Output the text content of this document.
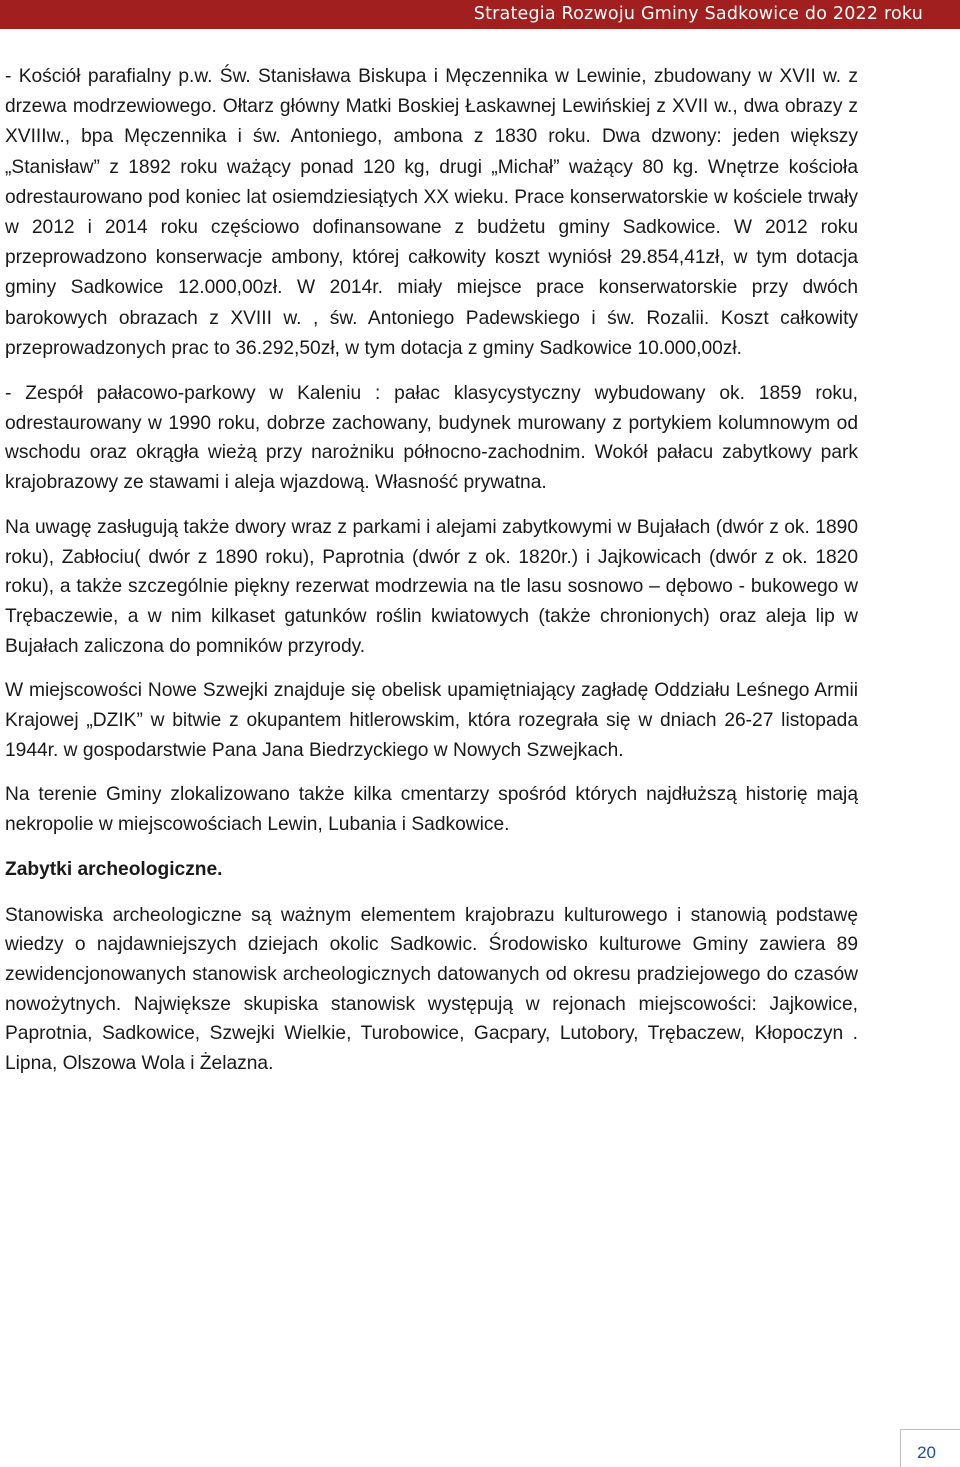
Strategia Rozwoju Gminy Sadkowice do 2022 roku

- Kościół parafialny p.w. Św. Stanisława Biskupa i Męczennika w Lewinie, zbudowany w XVII w. z drzewa modrzewiowego. Ołtarz główny Matki Boskiej Łaskawnej Lewińskiej z XVII w., dwa obrazy z XVIIIw., bpa Męczennika i św. Antoniego, ambona z 1830 roku. Dwa dzwony: jeden większy „Stanisław” z 1892 roku ważący ponad 120 kg, drugi „Michał” ważący 80 kg. Wnętrze kościoła odrestaurowano pod koniec lat osiemdziesiątych XX wieku. Prace konserwatorskie w kościele trwały w 2012 i 2014 roku częściowo dofinansowane z budżetu gminy Sadkowice. W 2012 roku przeprowadzono konserwacje ambony, której całkowity koszt wyniósł 29.854,41zł, w tym dotacja gminy Sadkowice 12.000,00zł. W 2014r. miały miejsce prace konserwatorskie przy dwóch barokowych obrazach z XVIII w. , św. Antoniego Padewskiego i św. Rozalii. Koszt całkowity przeprowadzonych prac to 36.292,50zł, w tym dotacja z gminy Sadkowice 10.000,00zł.

- Zespół pałacowo-parkowy w Kaleniu : pałac klasycystyczny wybudowany ok. 1859 roku, odrestaurowany w 1990 roku, dobrze zachowany, budynek murowany z portykiem kolumnowym od wschodu oraz okrągła wieżą przy narożniku północno-zachodnim. Wokół pałacu zabytkowy park krajobrazowy ze stawami i aleja wjazdową. Własność prywatna.

Na uwagę zasługują także dwory wraz z parkami i alejami zabytkowymi w Bujałach (dwór z ok. 1890 roku), Zabłociu( dwór z 1890 roku), Paprotnia (dwór z ok. 1820r.) i Jajkowicach (dwór z ok. 1820 roku), a także szczególnie piękny rezerwat modrzewia na tle lasu sosnowo – dębowo - bukowego w Trębaczewie, a w nim kilkaset gatunków roślin kwiatowych (także chronionych) oraz aleja lip w Bujałach zaliczona do pomników przyrody.

W miejscowości Nowe Szwejki znajduje się obelisk upamiętniający zagładę Oddziału Leśnego Armii Krajowej „DZIK” w bitwie z okupantem hitlerowskim, która rozegrała się w dniach 26-27 listopada 1944r. w gospodarstwie Pana Jana Biedrzyckiego w Nowych Szwejkach.

Na terenie Gminy zlokalizowano także kilka cmentarzy spośród których najdłuższą historię mają nekropolie w miejscowościach Lewin, Lubania i Sadkowice.

Zabytki archeologiczne.

Stanowiska archeologiczne są ważnym elementem krajobrazu kulturowego i stanowią podstawę wiedzy o najdawniejszych dziejach okolic Sadkowic. Środowisko kulturowe Gminy zawiera 89 zewidencjonowanych stanowisk archeologicznych datowanych od okresu pradziejowego do czasów nowożytnych. Największe skupiska stanowisk występują w rejonach miejscowości: Jajkowice, Paprotnia, Sadkowice, Szwejki Wielkie, Turobowice, Gacpary, Lutobory, Trębaczew, Kłopoczyn . Lipna, Olszowa Wola i Żelazna.

20
